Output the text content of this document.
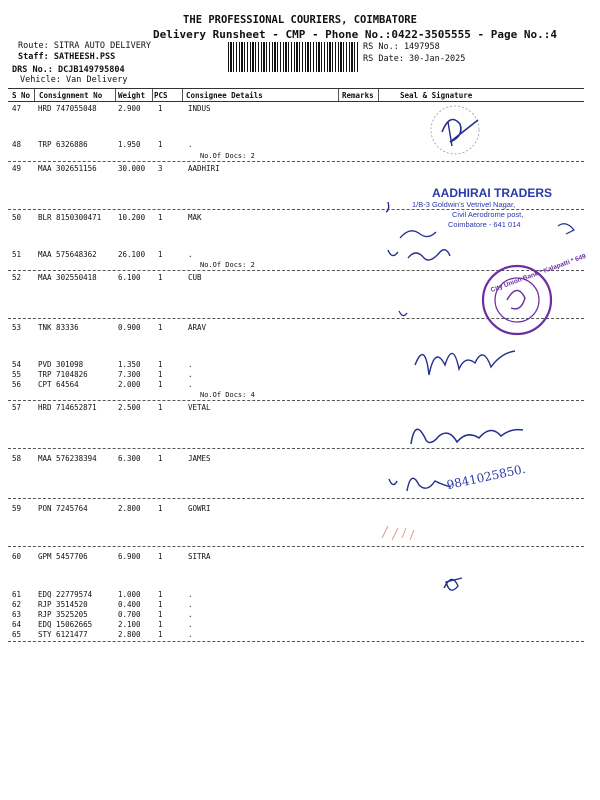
THE PROFESSIONAL COURIERS, COIMBATORE
Delivery Runsheet - CMP - Phone No.:0422-3505555 - Page No.:4
Route: SITRA AUTO DELIVERY
Staff: SATHEESH.PSS
DRS No.: DCJB149795804
Vehicle: Van Delivery
RS No.: 1497958
RS Date: 30-Jan-2025
S No Consignment No Weight PCS Consignee Details	Remarks	Seal & Signature
47 HRD 747055048	2.900 1	INDUS
48 TRP 6326886	1.950 1	.
No.Of Docs: 2
49 MAA 302651156	30.000 3	AADHIRI
50 BLR 8150300471 10.200 1	MAK
51 MAA 575648362	26.100 1	.
No.Of Docs: 2
52 MAA 302550418	6.100 1	CUB
53 TNK 83336	0.900 1	ARAV
54 PVD 301098	1.350 1	.
55 TRP 7104826	7.300 1	.
56 CPT 64564	2.000 1	.
No.Of Docs: 4
57 HRD 714652871	2.500 1	VETAL
58 MAA 576238394	6.300 1	JAMES
59 PON 7245764	2.800 1	GOWRI
60 GPM 5457706	6.900 1	SITRA
61 EDQ 22779574	1.000 1	.
62 RJP 3514520	0.400 1	.
63 RJP 3525205	0.700 1	.
64 EDQ 15062665	2.100 1	.
65 STY 6121477	2.800 1	.
AADHIRAI TRADERS
1/B-3 Goldwin's Vetrivel Nagar,
Civil Aerodrome post,
Coimbatore - 641 014
City Union Bank * Kalapatti * 649
9841025850.
